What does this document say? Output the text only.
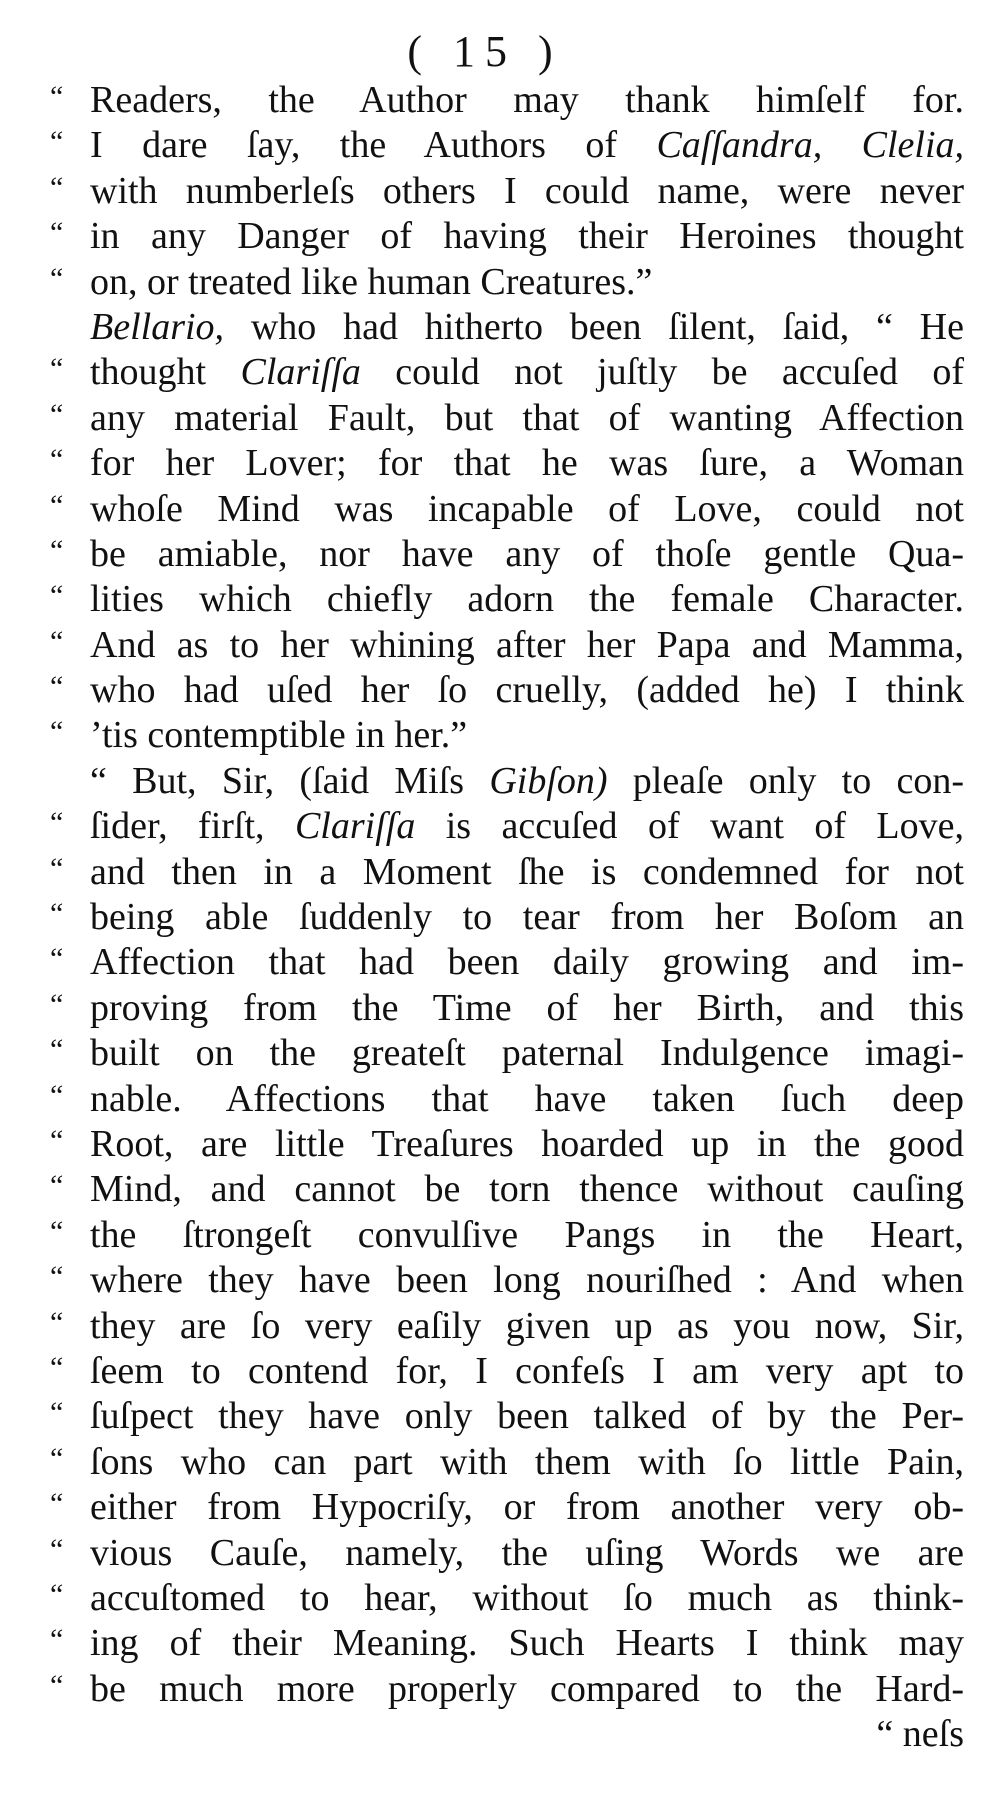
( 15 )
“ Readers, the Author may thank himſelf for.
“ I dare ſay, the Authors of Caſſandra, Clelia,
“ with numberleſs others I could name, were never
“ in any Danger of having their Heroines thought
“ on, or treated like human Creatures.”
Bellario, who had hitherto been ſilent, ſaid, “ He
“ thought Clariſſa could not juſtly be accuſed of
“ any material Fault, but that of wanting Affection
“ for her Lover; for that he was ſure, a Woman
“ whoſe Mind was incapable of Love, could not
“ be amiable, nor have any of thoſe gentle Qua-
“ lities which chiefly adorn the female Character.
“ And as to her whining after her Papa and Mamma,
“ who had uſed her ſo cruelly, (added he) I think
“ ’tis contemptible in her.”
“ But, Sir, (ſaid Miſs Gibſon) pleaſe only to con-
“ ſider, firſt, Clariſſa is accuſed of want of Love,
“ and then in a Moment ſhe is condemned for not
“ being able ſuddenly to tear from her Boſom an
“ Affection that had been daily growing and im-
“ proving from the Time of her Birth, and this
“ built on the greateſt paternal Indulgence imagi-
“ nable. Affections that have taken ſuch deep
“ Root, are little Treaſures hoarded up in the good
“ Mind, and cannot be torn thence without cauſing
“ the ſtrongeſt convulſive Pangs in the Heart,
“ where they have been long nouriſhed : And when
“ they are ſo very eaſily given up as you now, Sir,
“ ſeem to contend for, I confeſs I am very apt to
“ ſuſpect they have only been talked of by the Per-
“ ſons who can part with them with ſo little Pain,
“ either from Hypocriſy, or from another very ob-
“ vious Cauſe, namely, the uſing Words we are
“ accuſtomed to hear, without ſo much as think-
“ ing of their Meaning. Such Hearts I think may
“ be much more properly compared to the Hard-
“ neſs
